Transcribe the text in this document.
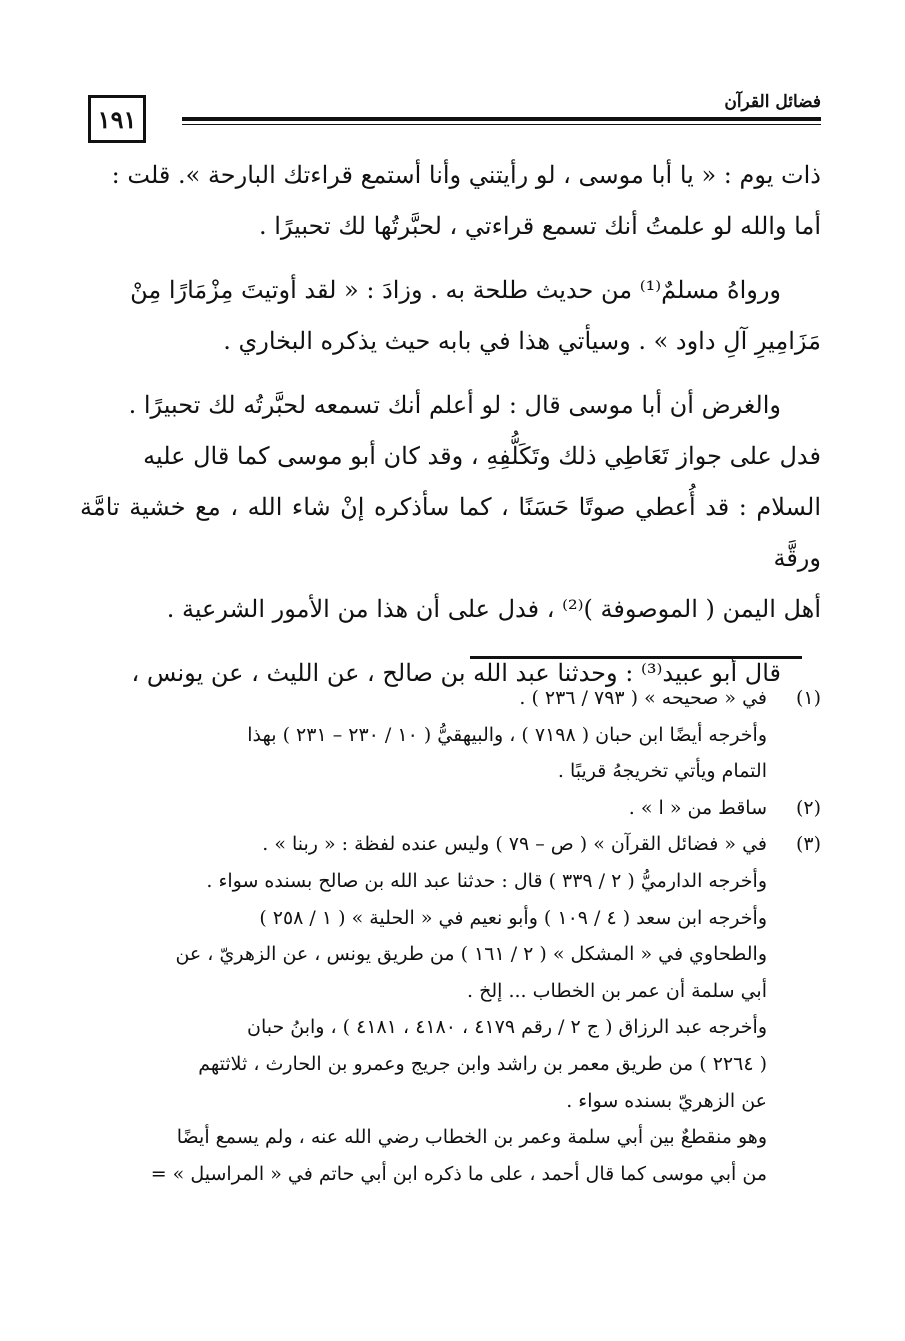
١٩١
فضائل القرآن

ذات يوم : « يا أبا موسى ، لو رأيتني وأنا أستمع قراءتك البارحة ». قلت :
أما والله لو علمتُ أنك تسمع قراءتي ، لحبَّرتُها لك تحبيرًا .

ورواهُ مسلمٌ⁽¹⁾ من حديث طلحة به . وزادَ : « لقد أوتيتَ مِزْمَارًا مِنْ
مَزَامِيرِ آلِ داود » . وسيأتي هذا في بابه حيث يذكره البخاري .

والغرض أن أبا موسى قال : لو أعلم أنك تسمعه لحبَّرتُه لك تحبيرًا .
فدل على جواز تَعَاطِي ذلك وتَكَلُّفِهِ ، وقد كان أبو موسى كما قال عليه
السلام : قد أُعطي صوتًا حَسَنًا ، كما سأذكره إنْ شاء الله ، مع خشية تامَّة ورقَّة
أهل اليمن ( الموصوفة )⁽²⁾ ، فدل على أن هذا من الأمور الشرعية .

قال أبو عبيد⁽³⁾ : وحدثنا عبد الله بن صالح ، عن الليث ، عن يونس ،

(١)
في « صحيحه » ( ٧٩٣ / ٢٣٦ ) .
وأخرجه أيضًا ابن حبان ( ٧١٩٨ ) ، والبيهقيُّ ( ١٠ / ٢٣٠ – ٢٣١ ) بهذا
التمام ويأتي تخريجهُ قريبًا .
(٢)
ساقط من « ا » .
(٣)
في « فضائل القرآن » ( ص – ٧٩ ) وليس عنده لفظة : « ربنا » .
وأخرجه الدارميُّ ( ٢ / ٣٣٩ ) قال : حدثنا عبد الله بن صالح بسنده سواء .
وأخرجه ابن سعد ( ٤ / ١٠٩ ) وأبو نعيم في « الحلية » ( ١ / ٢٥٨ )
والطحاوي في « المشكل » ( ٢ / ١٦١ ) من طريق يونس ، عن الزهريّ ، عن
أبي سلمة أن عمر بن الخطاب ... إلخ .
وأخرجه عبد الرزاق ( ج ٢ / رقم ٤١٧٩ ، ٤١٨٠ ، ٤١٨١ ) ، وابنُ حبان
( ٢٢٦٤ ) من طريق معمر بن راشد وابن جريج وعمرو بن الحارث ، ثلاثتهم
عن الزهريّ بسنده سواء .
وهو منقطعٌ بين أبي سلمة وعمر بن الخطاب رضي الله عنه ، ولم يسمع أيضًا
من أبي موسى كما قال أحمد ، على ما ذكره ابن أبي حاتم في « المراسيل » =
